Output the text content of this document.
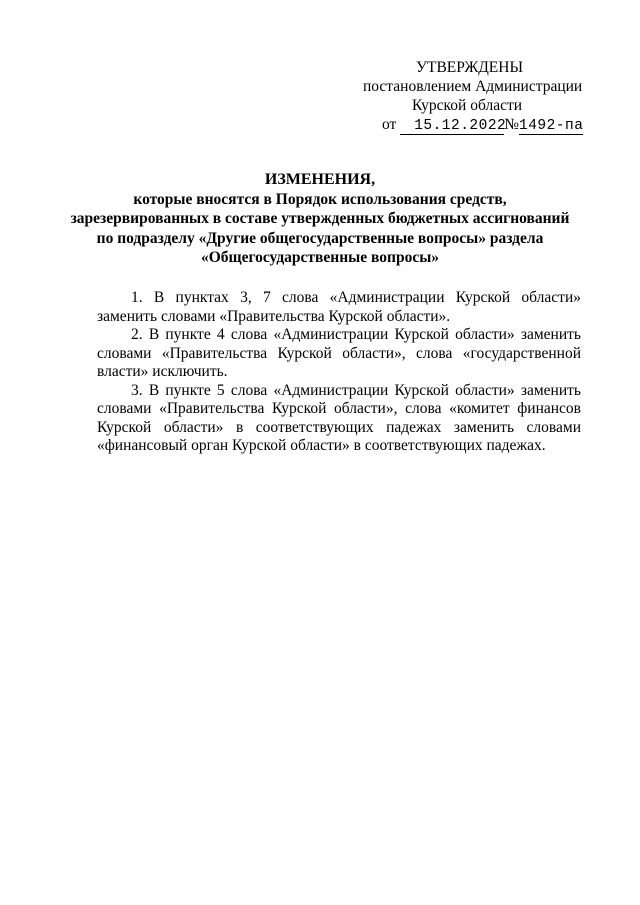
УТВЕРЖДЕНЫ
постановлением Администрации
Курской области
от 15.12.2022№1492-па
ИЗМЕНЕНИЯ,
которые вносятся в Порядок использования средств,
зарезервированных в составе утвержденных бюджетных ассигнований
по подразделу «Другие общегосударственные вопросы» раздела
«Общегосударственные вопросы»

1. В пунктах 3, 7 слова «Администрации Курской области» заменить словами «Правительства Курской области».

2. В пункте 4 слова «Администрации Курской области» заменить словами «Правительства Курской области», слова «государственной власти» исключить.

3. В пункте 5 слова «Администрации Курской области» заменить словами «Правительства Курской области», слова «комитет финансов Курской области» в соответствующих падежах заменить словами «финансовый орган Курской области» в соответствующих падежах.
